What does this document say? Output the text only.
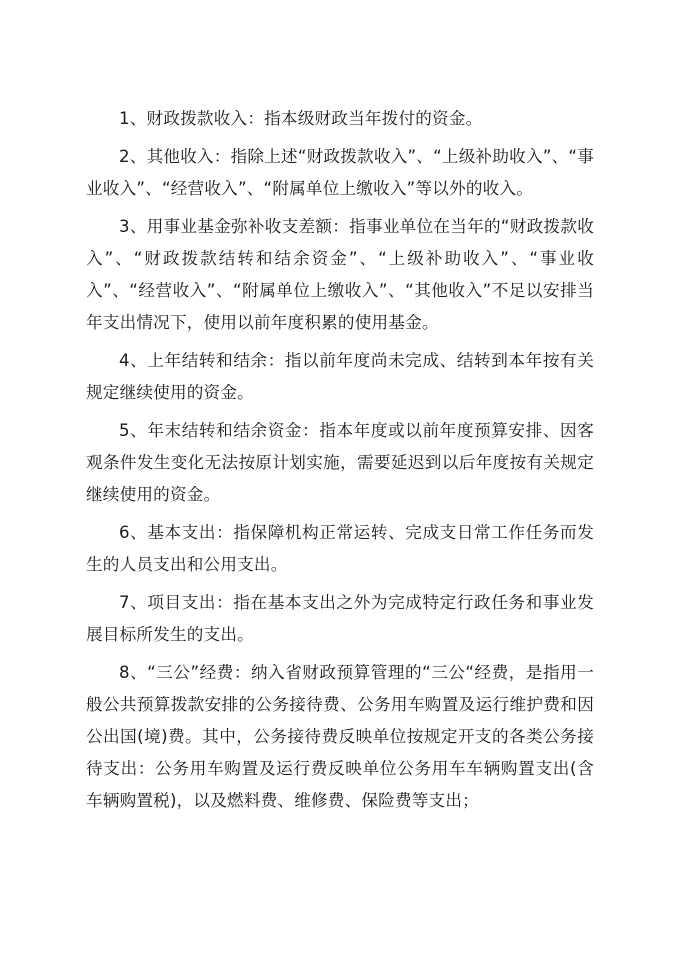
1、财政拨款收入：指本级财政当年拨付的资金。

2、其他收入：指除上述“财政拨款收入”、“上级补助收入”、“事业收入”、“经营收入”、“附属单位上缴收入”等以外的收入。

3、用事业基金弥补收支差额：指事业单位在当年的“财政拨款收入”、“财政拨款结转和结余资金”、“上级补助收入”、“事业收入”、“经营收入”、“附属单位上缴收入”、“其他收入”不足以安排当年支出情况下，使用以前年度积累的使用基金。

4、上年结转和结余：指以前年度尚未完成、结转到本年按有关规定继续使用的资金。

5、年末结转和结余资金：指本年度或以前年度预算安排、因客观条件发生变化无法按原计划实施，需要延迟到以后年度按有关规定继续使用的资金。

6、基本支出：指保障机构正常运转、完成支日常工作任务而发生的人员支出和公用支出。

7、项目支出：指在基本支出之外为完成特定行政任务和事业发展目标所发生的支出。

8、“三公”经费：纳入省财政预算管理的“三公“经费，是指用一般公共预算拨款安排的公务接待费、公务用车购置及运行维护费和因公出国(境)费。其中，公务接待费反映单位按规定开支的各类公务接待支出：公务用车购置及运行费反映单位公务用车车辆购置支出(含车辆购置税)，以及燃料费、维修费、保险费等支出；
